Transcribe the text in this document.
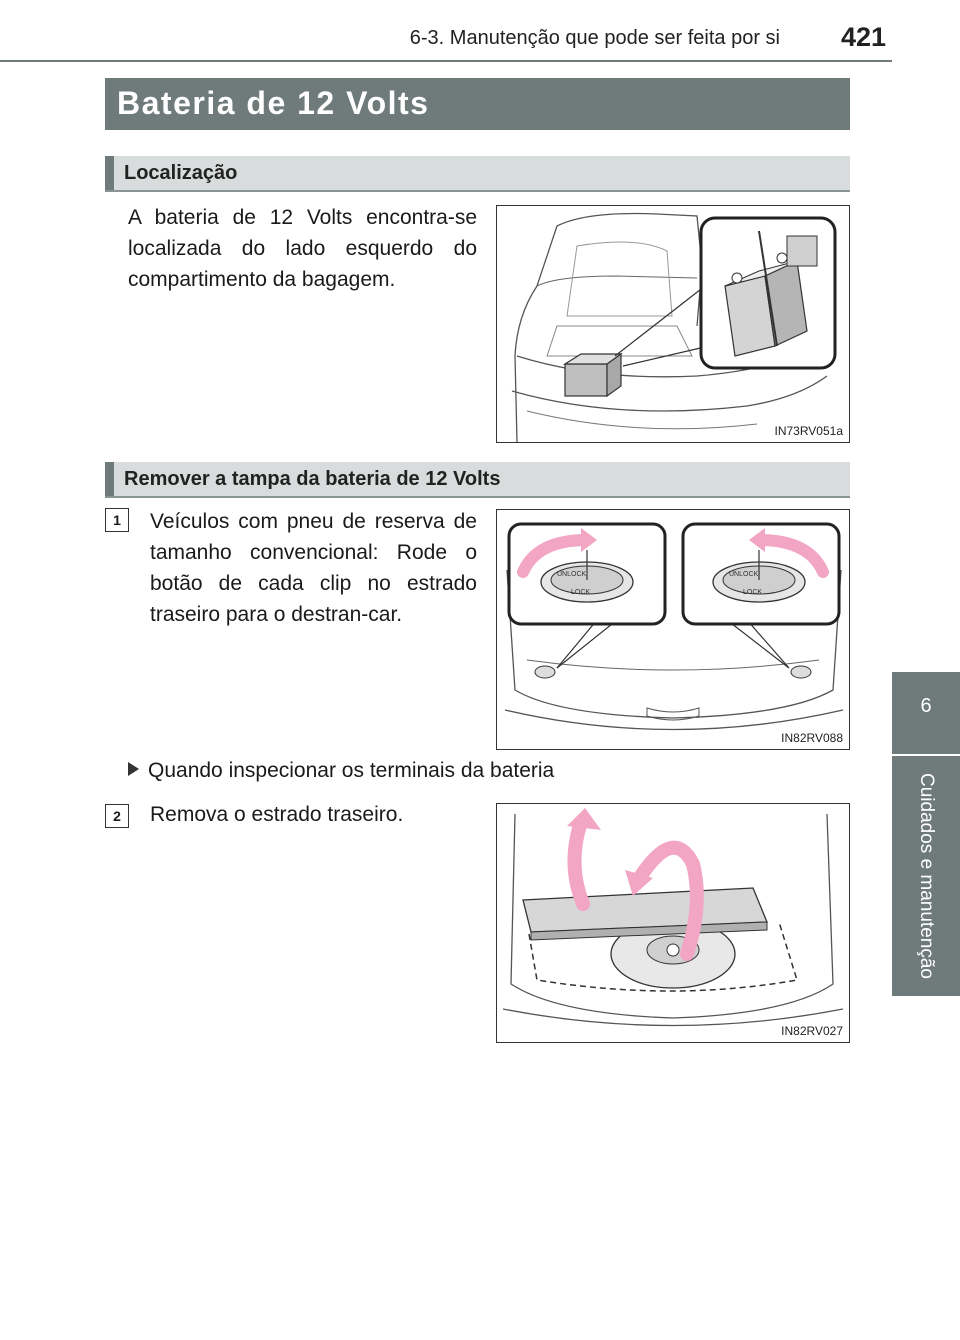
6-3. Manutenção que pode ser feita por si	421
6
Cuidados e manutenção
Bateria de 12 Volts
Localização
A bateria de 12 Volts encontra-se localizada do lado esquerdo do compartimento da bagagem.
IN73RV051a
Remover a tampa da bateria de 12 Volts
1	Veículos com pneu de reserva de tamanho convencional: Rode o botão de cada clip no estrado traseiro para o destran-car.
UNLOCK
LOCK
UNLOCK
LOCK
IN82RV088
Quando inspecionar os terminais da bateria
2	Remova o estrado traseiro.
IN82RV027
